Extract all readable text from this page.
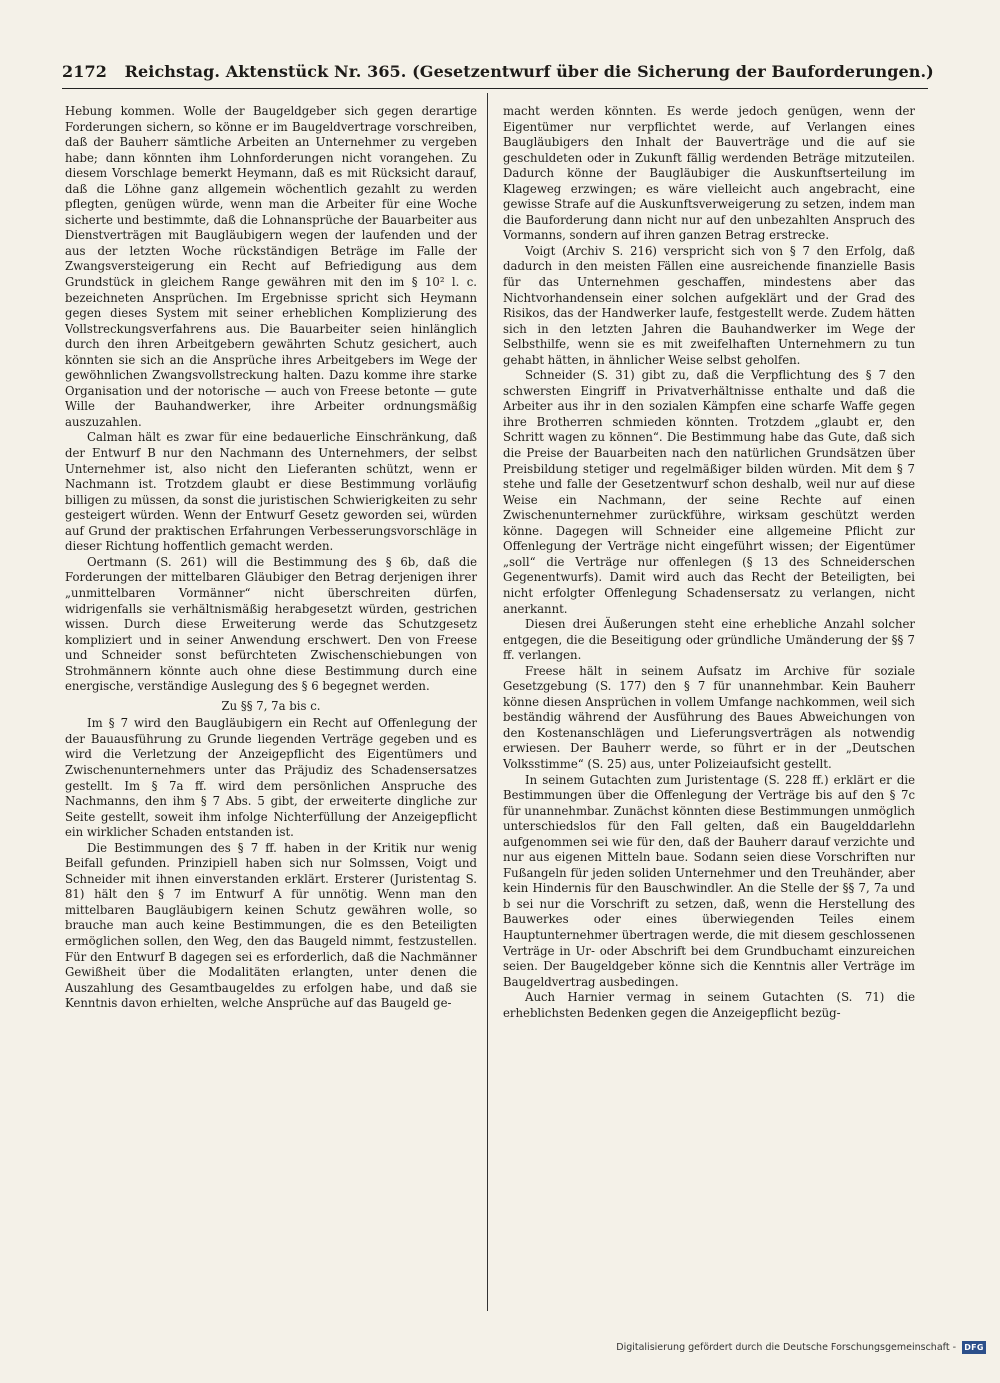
2172 Reichstag. Aktenstück Nr. 365. (Gesetzentwurf über die Sicherung der Bauforderungen.)

Hebung kommen. Wolle der Baugeldgeber sich gegen derartige Forderungen sichern, so könne er im Baugeldvertrage vorschreiben, daß der Bauherr sämtliche Arbeiten an Unternehmer zu vergeben habe; dann könnten ihm Lohnforderungen nicht vorangehen. Zu diesem Vorschlage bemerkt Heymann, daß es mit Rücksicht darauf, daß die Löhne ganz allgemein wöchentlich gezahlt zu werden pflegten, genügen würde, wenn man die Arbeiter für eine Woche sicherte und bestimmte, daß die Lohnansprüche der Bauarbeiter aus Dienstverträgen mit Baugläubigern wegen der laufenden und der aus der letzten Woche rückständigen Beträge im Falle der Zwangsversteigerung ein Recht auf Befriedigung aus dem Grundstück in gleichem Range gewähren mit den im § 10² l. c. bezeichneten Ansprüchen. Im Ergebnisse spricht sich Heymann gegen dieses System mit seiner erheblichen Komplizierung des Vollstreckungsverfahrens aus. Die Bauarbeiter seien hinlänglich durch den ihren Arbeitgebern gewährten Schutz gesichert, auch könnten sie sich an die Ansprüche ihres Arbeitgebers im Wege der gewöhnlichen Zwangsvollstreckung halten. Dazu komme ihre starke Organisation und der notorische — auch von Freese betonte — gute Wille der Bauhandwerker, ihre Arbeiter ordnungsmäßig auszuzahlen.

Calman hält es zwar für eine bedauerliche Einschränkung, daß der Entwurf B nur den Nachmann des Unternehmers, der selbst Unternehmer ist, also nicht den Lieferanten schützt, wenn er Nachmann ist. Trotzdem glaubt er diese Bestimmung vorläufig billigen zu müssen, da sonst die juristischen Schwierigkeiten zu sehr gesteigert würden. Wenn der Entwurf Gesetz geworden sei, würden auf Grund der praktischen Erfahrungen Verbesserungsvorschläge in dieser Richtung hoffentlich gemacht werden.

Oertmann (S. 261) will die Bestimmung des § 6b, daß die Forderungen der mittelbaren Gläubiger den Betrag derjenigen ihrer „unmittelbaren Vormänner“ nicht überschreiten dürfen, widrigenfalls sie verhältnismäßig herabgesetzt würden, gestrichen wissen. Durch diese Erweiterung werde das Schutzgesetz kompliziert und in seiner Anwendung erschwert. Den von Freese und Schneider sonst befürchteten Zwischenschiebungen von Strohmännern könnte auch ohne diese Bestimmung durch eine energische, verständige Auslegung des § 6 begegnet werden.

Zu §§ 7, 7a bis c.

Im § 7 wird den Baugläubigern ein Recht auf Offenlegung der der Bauausführung zu Grunde liegenden Verträge gegeben und es wird die Verletzung der Anzeigepflicht des Eigentümers und Zwischenunternehmers unter das Präjudiz des Schadensersatzes gestellt. Im § 7a ff. wird dem persönlichen Anspruche des Nachmanns, den ihm § 7 Abs. 5 gibt, der erweiterte dingliche zur Seite gestellt, soweit ihm infolge Nichterfüllung der Anzeigepflicht ein wirklicher Schaden entstanden ist.

Die Bestimmungen des § 7 ff. haben in der Kritik nur wenig Beifall gefunden. Prinzipiell haben sich nur Solmssen, Voigt und Schneider mit ihnen einverstanden erklärt. Ersterer (Juristentag S. 81) hält den § 7 im Entwurf A für unnötig. Wenn man den mittelbaren Baugläubigern keinen Schutz gewähren wolle, so brauche man auch keine Bestimmungen, die es den Beteiligten ermöglichen sollen, den Weg, den das Baugeld nimmt, festzustellen. Für den Entwurf B dagegen sei es erforderlich, daß die Nachmänner Gewißheit über die Modalitäten erlangten, unter denen die Auszahlung des Gesamtbaugeldes zu erfolgen habe, und daß sie Kenntnis davon erhielten, welche Ansprüche auf das Baugeld ge-

macht werden könnten. Es werde jedoch genügen, wenn der Eigentümer nur verpflichtet werde, auf Verlangen eines Baugläubigers den Inhalt der Bauverträge und die auf sie geschuldeten oder in Zukunft fällig werdenden Beträge mitzuteilen. Dadurch könne der Baugläubiger die Auskunftserteilung im Klageweg erzwingen; es wäre vielleicht auch angebracht, eine gewisse Strafe auf die Auskunftsverweigerung zu setzen, indem man die Bauforderung dann nicht nur auf den unbezahlten Anspruch des Vormanns, sondern auf ihren ganzen Betrag erstrecke.

Voigt (Archiv S. 216) verspricht sich von § 7 den Erfolg, daß dadurch in den meisten Fällen eine ausreichende finanzielle Basis für das Unternehmen geschaffen, mindestens aber das Nichtvorhandensein einer solchen aufgeklärt und der Grad des Risikos, das der Handwerker laufe, festgestellt werde. Zudem hätten sich in den letzten Jahren die Bauhandwerker im Wege der Selbsthilfe, wenn sie es mit zweifelhaften Unternehmern zu tun gehabt hätten, in ähnlicher Weise selbst geholfen.

Schneider (S. 31) gibt zu, daß die Verpflichtung des § 7 den schwersten Eingriff in Privatverhältnisse enthalte und daß die Arbeiter aus ihr in den sozialen Kämpfen eine scharfe Waffe gegen ihre Brotherren schmieden könnten. Trotzdem „glaubt er, den Schritt wagen zu können“. Die Bestimmung habe das Gute, daß sich die Preise der Bauarbeiten nach den natürlichen Grundsätzen über Preisbildung stetiger und regelmäßiger bilden würden. Mit dem § 7 stehe und falle der Gesetzentwurf schon deshalb, weil nur auf diese Weise ein Nachmann, der seine Rechte auf einen Zwischenunternehmer zurückführe, wirksam geschützt werden könne. Dagegen will Schneider eine allgemeine Pflicht zur Offenlegung der Verträge nicht eingeführt wissen; der Eigentümer „soll“ die Verträge nur offenlegen (§ 13 des Schneiderschen Gegenentwurfs). Damit wird auch das Recht der Beteiligten, bei nicht erfolgter Offenlegung Schadensersatz zu verlangen, nicht anerkannt.

Diesen drei Äußerungen steht eine erhebliche Anzahl solcher entgegen, die die Beseitigung oder gründliche Umänderung der §§ 7 ff. verlangen.

Freese hält in seinem Aufsatz im Archive für soziale Gesetzgebung (S. 177) den § 7 für unannehmbar. Kein Bauherr könne diesen Ansprüchen in vollem Umfange nachkommen, weil sich beständig während der Ausführung des Baues Abweichungen von den Kostenanschlägen und Lieferungsverträgen als notwendig erwiesen. Der Bauherr werde, so führt er in der „Deutschen Volksstimme“ (S. 25) aus, unter Polizeiaufsicht gestellt.

In seinem Gutachten zum Juristentage (S. 228 ff.) erklärt er die Bestimmungen über die Offenlegung der Verträge bis auf den § 7c für unannehmbar. Zunächst könnten diese Bestimmungen unmöglich unterschiedslos für den Fall gelten, daß ein Baugelddarlehn aufgenommen sei wie für den, daß der Bauherr darauf verzichte und nur aus eigenen Mitteln baue. Sodann seien diese Vorschriften nur Fußangeln für jeden soliden Unternehmer und den Treuhänder, aber kein Hindernis für den Bauschwindler. An die Stelle der §§ 7, 7a und b sei nur die Vorschrift zu setzen, daß, wenn die Herstellung des Bauwerkes oder eines überwiegenden Teiles einem Hauptunternehmer übertragen werde, die mit diesem geschlossenen Verträge in Ur- oder Abschrift bei dem Grundbuchamt einzureichen seien. Der Baugeldgeber könne sich die Kenntnis aller Verträge im Baugeldvertrag ausbedingen.

Auch Harnier vermag in seinem Gutachten (S. 71) die erheblichsten Bedenken gegen die Anzeigepflicht bezüg-

Digitalisierung gefördert durch die Deutsche Forschungsgemeinschaft - DFG
